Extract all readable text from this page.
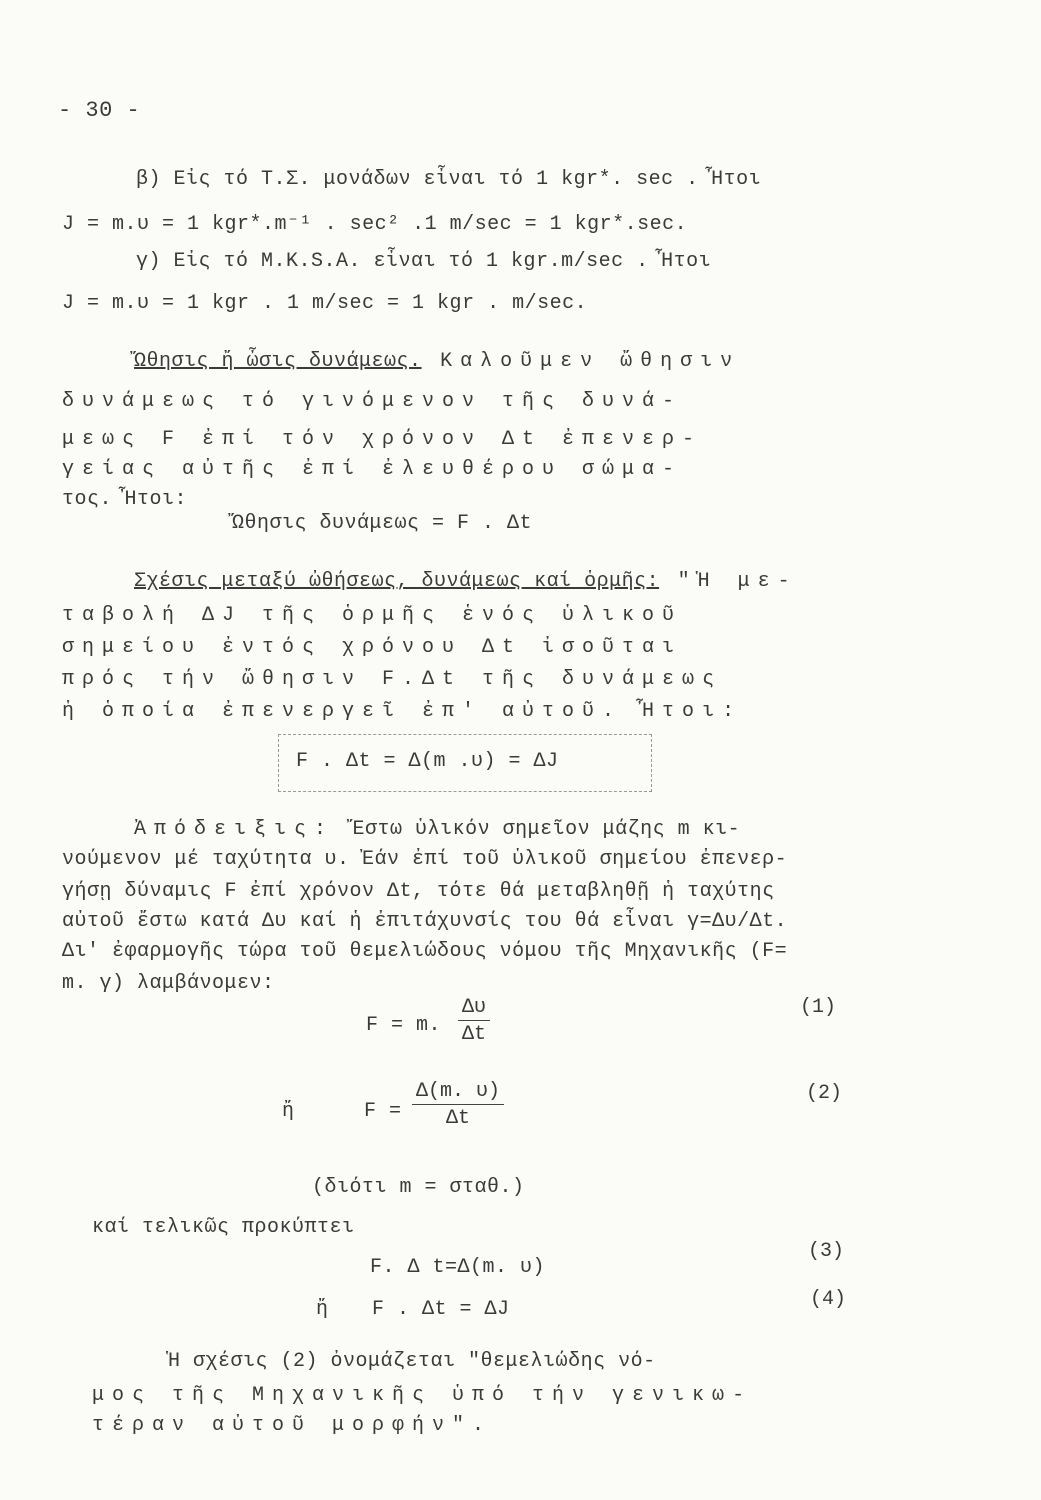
- 30 -
β) Εἰς τό Τ.Σ. μονάδων εἶναι τό 1 kgr*. sec . Ἦτοι
J = m.υ = 1 kgr*.m⁻¹ . sec² .1 m/sec = 1 kgr*.sec.
γ) Εἰς τό M.K.S.A. εἶναι τό 1 kgr.m/sec . Ἦτοι
J = m.υ = 1 kgr . 1 m/sec = 1 kgr . m/sec.
Ὤθησις ἤ ὦσις δυνάμεως. Καλοῦμεν ὤθησιν
δυνάμεως τό γινόμενον τῆς δυνά-
μεως F ἐπί τόν χρόνον Δt ἐπενερ-
γείας αὐτῆς ἐπί ἐλευθέρου σώμα-
τος. Ἦτοι:
Ὤθησις δυνάμεως = F . Δt
Σχέσις μεταξύ ὠθήσεως, δυνάμεως καί ὁρμῆς: "Ἡ με-
ταβολή ΔJ τῆς ὁρμῆς ἑνός ὑλικοῦ
σημείου ἐντός χρόνου Δt ἰσοῦται
πρός τήν ὤθησιν F.Δt τῆς δυνάμεως
ἡ ὁποία ἐπενεργεῖ ἐπ' αὐτοῦ. Ἦτοι:
F . Δt = Δ(m .υ) = ΔJ
Ἀπόδειξις: Ἔστω ὑλικόν σημεῖον μάζης m κι-
νούμενον μέ ταχύτητα υ. Ἐάν ἐπί τοῦ ὑλικοῦ σημείου ἐπενερ-
γήσῃ δύναμις F ἐπί χρόνον Δt, τότε θά μεταβληθῇ ἡ ταχύτης
αὐτοῦ ἔστω κατά Δυ καί ἡ ἐπιτάχυνσίς του θά εἶναι γ=Δυ/Δt.
Δι' ἐφαρμογῆς τώρα τοῦ θεμελιώδους νόμου τῆς Μηχανικῆς (F=
m. γ) λαμβάνομεν:
F = m. $\frac{\Delta\upsilon}{\Delta t}$	(1)
ἤ	$F = \frac{\Delta(m. \upsilon)}{\Delta t}$	(2)
(διότι m = σταθ.)
καί τελικῶς προκύπτει
F. Δ t=Δ(m. υ)
(3)
ἤ F . Δt = ΔJ	(4)
Ἡ σχέσις (2) ὀνομάζεται "θεμελιώδης νό-
μος τῆς Μηχανικῆς ὑπό τήν γενικω-
τέραν αὐτοῦ μορφήν".
